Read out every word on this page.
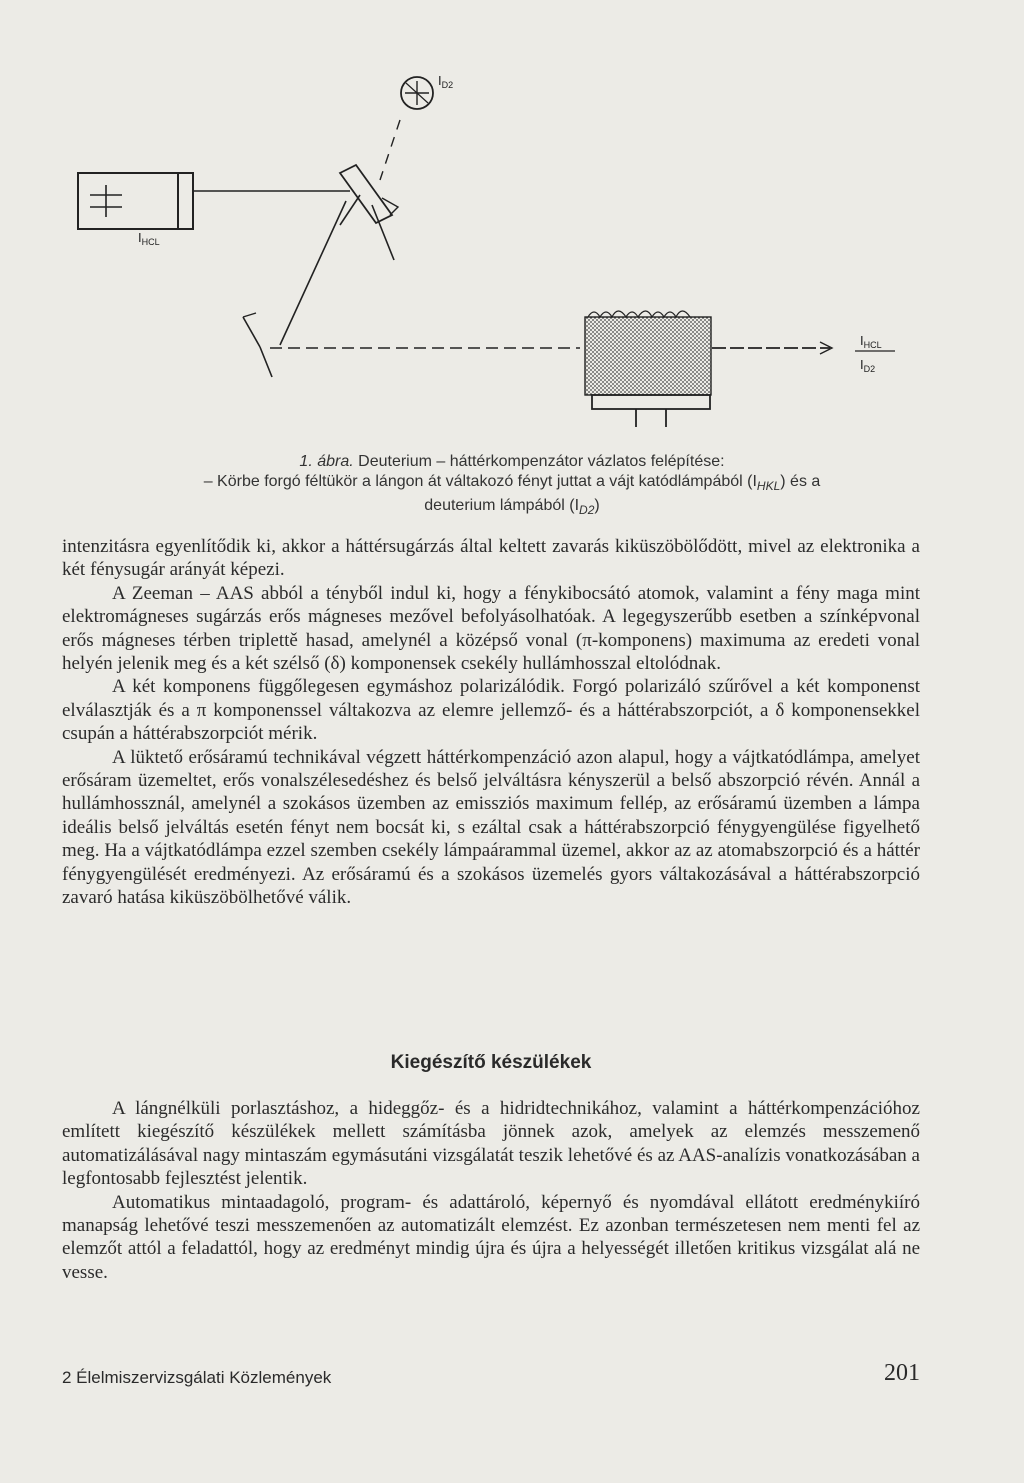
$I_{HCL}$
$I_{D2}$
$I_{HCL}$
$I_{D2}$
1. ábra. Deuterium – háttérkompenzátor vázlatos felépítése:
– Körbe forgó féltükör a lángon át váltakozó fényt juttat a vájt katódlámpából $(I_{HKL})$ és a
deuterium lámpából $(I_{D2})$

intenzitásra egyenlítődik ki, akkor a háttérsugárzás által keltett zavarás kiküszöbölődött, mivel az elektronika a két fénysugár arányát képezi.

A Zeeman – AAS abból a tényből indul ki, hogy a fénykibocsátó atomok, valamint a fény maga mint elektromágneses sugárzás erős mágneses mezővel befolyásolhatóak. A legegyszerűbb esetben a színképvonal erős mágneses térben triplettě hasad, amelynél a középső vonal (π-komponens) maximuma az eredeti vonal helyén jelenik meg és a két szélső (δ) komponensek csekély hullámhosszal eltolódnak.

A két komponens függőlegesen egymáshoz polarizálódik. Forgó polarizáló szűrővel a két komponenst elválasztják és a π komponenssel váltakozva az elemre jellemző- és a háttérabszorpciót, a δ komponensekkel csupán a háttérabszorpciót mérik.

A lüktető erősáramú technikával végzett háttérkompenzáció azon alapul, hogy a vájtkatódlámpa, amelyet erősáram üzemeltet, erős vonalszélesedéshez és belső jelváltásra kényszerül a belső abszorpció révén. Annál a hullámhossznál, amelynél a szokásos üzemben az emissziós maximum fellép, az erősáramú üzemben a lámpa ideális belső jelváltás esetén fényt nem bocsát ki, s ezáltal csak a háttérabszorpció fénygyengülése figyelhető meg. Ha a vájtkatódlámpa ezzel szemben csekély lámpaárammal üzemel, akkor az az atomabszorpció és a háttér fénygyengülését eredményezi. Az erősáramú és a szokásos üzemelés gyors váltakozásával a háttérabszorpció zavaró hatása kiküszöbölhetővé válik.

Kiegészítő készülékek

A lángnélküli porlasztáshoz, a hideggőz- és a hidridtechnikához, valamint a háttérkompenzációhoz említett kiegészítő készülékek mellett számításba jönnek azok, amelyek az elemzés messzemenő automatizálásával nagy mintaszám egymásutáni vizsgálatát teszik lehetővé és az AAS-analízis vonatkozásában a legfontosabb fejlesztést jelentik.

Automatikus mintaadagoló, program- és adattároló, képernyő és nyomdával ellátott eredménykiíró manapság lehetővé teszi messzemenően az automatizált elemzést. Ez azonban természetesen nem menti fel az elemzőt attól a feladattól, hogy az eredményt mindig újra és újra a helyességét illetően kritikus vizsgálat alá ne vesse.

2 Élelmiszervizsgálati Közlemények	201
